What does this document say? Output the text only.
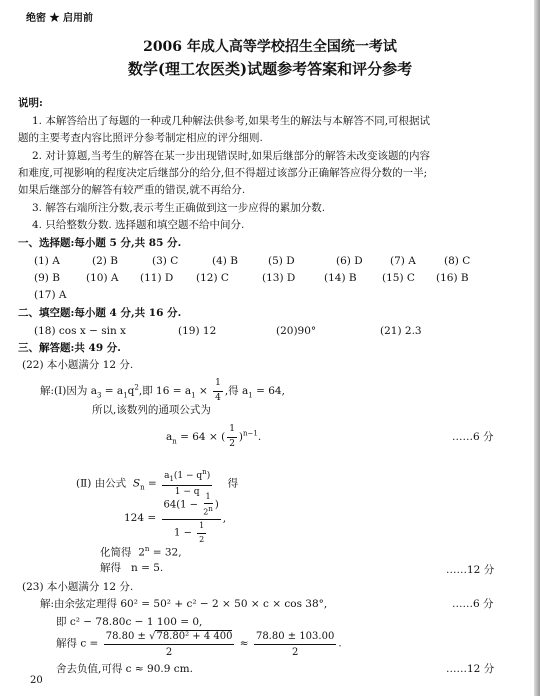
绝密 ★ 启用前
2006 年成人高等学校招生全国统一考试
数学(理工农医类)试题参考答案和评分参考
说明:
1. 本解答给出了每题的一种或几种解法供参考,如果考生的解法与本解答不同,可根据试
题的主要考查内容比照评分参考制定相应的评分细则.
2. 对计算题,当考生的解答在某一步出现错误时,如果后继部分的解答未改变该题的内容
和难度,可视影响的程度决定后继部分的给分,但不得超过该部分正确解答应得分数的一半;
如果后继部分的解答有较严重的错误,就不再给分.
3. 解答右端所注分数,表示考生正确做到这一步应得的累加分数.
4. 只给整数分数. 选择题和填空题不给中间分.
一、选择题:每小题 5 分,共 85 分.
(1) A	(2) B	(3) C	(4) B	(5) D	(6) D	(7) A	(8) C
(9) B (10) A (11) D (12) C	(13) D	(14) B (15) C (16) B
(17) A
二、填空题:每小题 4 分,共 16 分.
(18) cos x − sin x	(19) 12	(20)90°	(21) 2.3
三、解答题:共 49 分.
(22) 本小题满分 12 分.
解:(Ⅰ)因为 $a_3 = a_1q^2$,即 $16 = a_1 \times \frac{1}{4}$ ,得 $a_1 = 64$,
所以,该数列的通项公式为
$a_n = 64$ × ( $\frac{1}{2} )^{n-1}$.	……6 分
(Ⅱ) 由公式 $S_n = \frac{a_1(1 - q^n)}{1 - q}$ 得
$124 = \frac{64(1 - \frac{1}{2n} )}{1 - \frac{1}{2}}$ ,
化简得 $2^n = 32$,
解得 n = 5.	……12 分
(23) 本小题满分 12 分.
解:由余弦定理得 60² = 50² + c² − 2 × 50 × c × cos 38°,	……6 分
即 c² − 78.80c − 1 100 = 0,
解得 $c = \frac{\text{78.80 ± √78.80² + 4 400}}{2} \approx \frac{78.80 \pm 103.00}{2}$ .
舍去负值,可得 c ≈ 90.9 cm.	……12 分
20
